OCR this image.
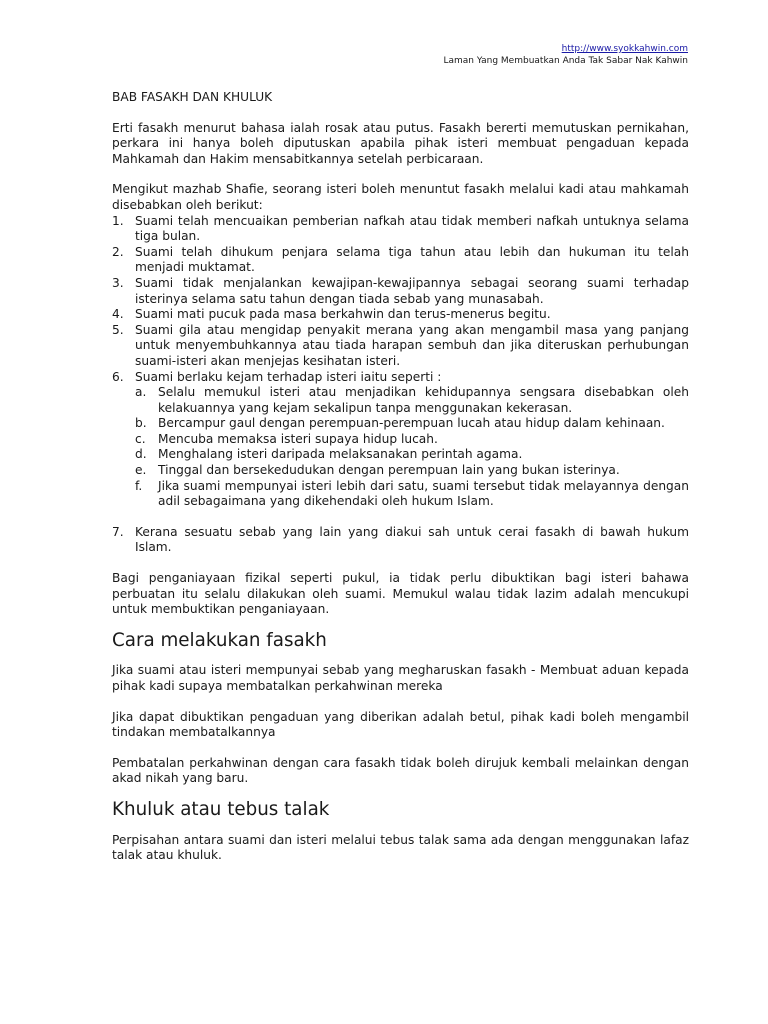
http://www.syokkahwin.com
Laman Yang Membuatkan Anda Tak Sabar Nak Kahwin
BAB FASAKH DAN KHULUK

Erti fasakh menurut bahasa ialah rosak atau putus. Fasakh bererti memutuskan pernikahan, perkara ini hanya boleh diputuskan apabila pihak isteri membuat pengaduan kepada Mahkamah dan Hakim mensabitkannya setelah perbicaraan.

Mengikut mazhab Shafie, seorang isteri boleh menuntut fasakh melalui kadi atau mahkamah disebabkan oleh berikut:

1. Suami telah mencuaikan pemberian nafkah atau tidak memberi nafkah untuknya selama tiga bulan.
2. Suami telah dihukum penjara selama tiga tahun atau lebih dan hukuman itu telah menjadi muktamat.
3. Suami tidak menjalankan kewajipan-kewajipannya sebagai seorang suami terhadap isterinya selama satu tahun dengan tiada sebab yang munasabah.
4. Suami mati pucuk pada masa berkahwin dan terus-menerus begitu.
5. Suami gila atau mengidap penyakit merana yang akan mengambil masa yang panjang untuk menyembuhkannya atau tiada harapan sembuh dan jika diteruskan perhubungan suami-isteri akan menjejas kesihatan isteri.
6. Suami berlaku kejam terhadap isteri iaitu seperti :
a. Selalu memukul isteri atau menjadikan kehidupannya sengsara disebabkan oleh kelakuannya yang kejam sekalipun tanpa menggunakan kekerasan.
b. Bercampur gaul dengan perempuan-perempuan lucah atau hidup dalam kehinaan.
c. Mencuba memaksa isteri supaya hidup lucah.
d. Menghalang isteri daripada melaksanakan perintah agama.
e. Tinggal dan bersekedudukan dengan perempuan lain yang bukan isterinya.
f. Jika suami mempunyai isteri lebih dari satu, suami tersebut tidak melayannya dengan adil sebagaimana yang dikehendaki oleh hukum Islam.
7. Kerana sesuatu sebab yang lain yang diakui sah untuk cerai fasakh di bawah hukum Islam.

Bagi penganiayaan fizikal seperti pukul, ia tidak perlu dibuktikan bagi isteri bahawa perbuatan itu selalu dilakukan oleh suami. Memukul walau tidak lazim adalah mencukupi untuk membuktikan penganiayaan.

Cara melakukan fasakh

Jika suami atau isteri mempunyai sebab yang megharuskan fasakh - Membuat aduan kepada pihak kadi supaya membatalkan perkahwinan mereka

Jika dapat dibuktikan pengaduan yang diberikan adalah betul, pihak kadi boleh mengambil tindakan membatalkannya

Pembatalan perkahwinan dengan cara fasakh tidak boleh dirujuk kembali melainkan dengan akad nikah yang baru.

Khuluk atau tebus talak

Perpisahan antara suami dan isteri melalui tebus talak sama ada dengan menggunakan lafaz talak atau khuluk.
